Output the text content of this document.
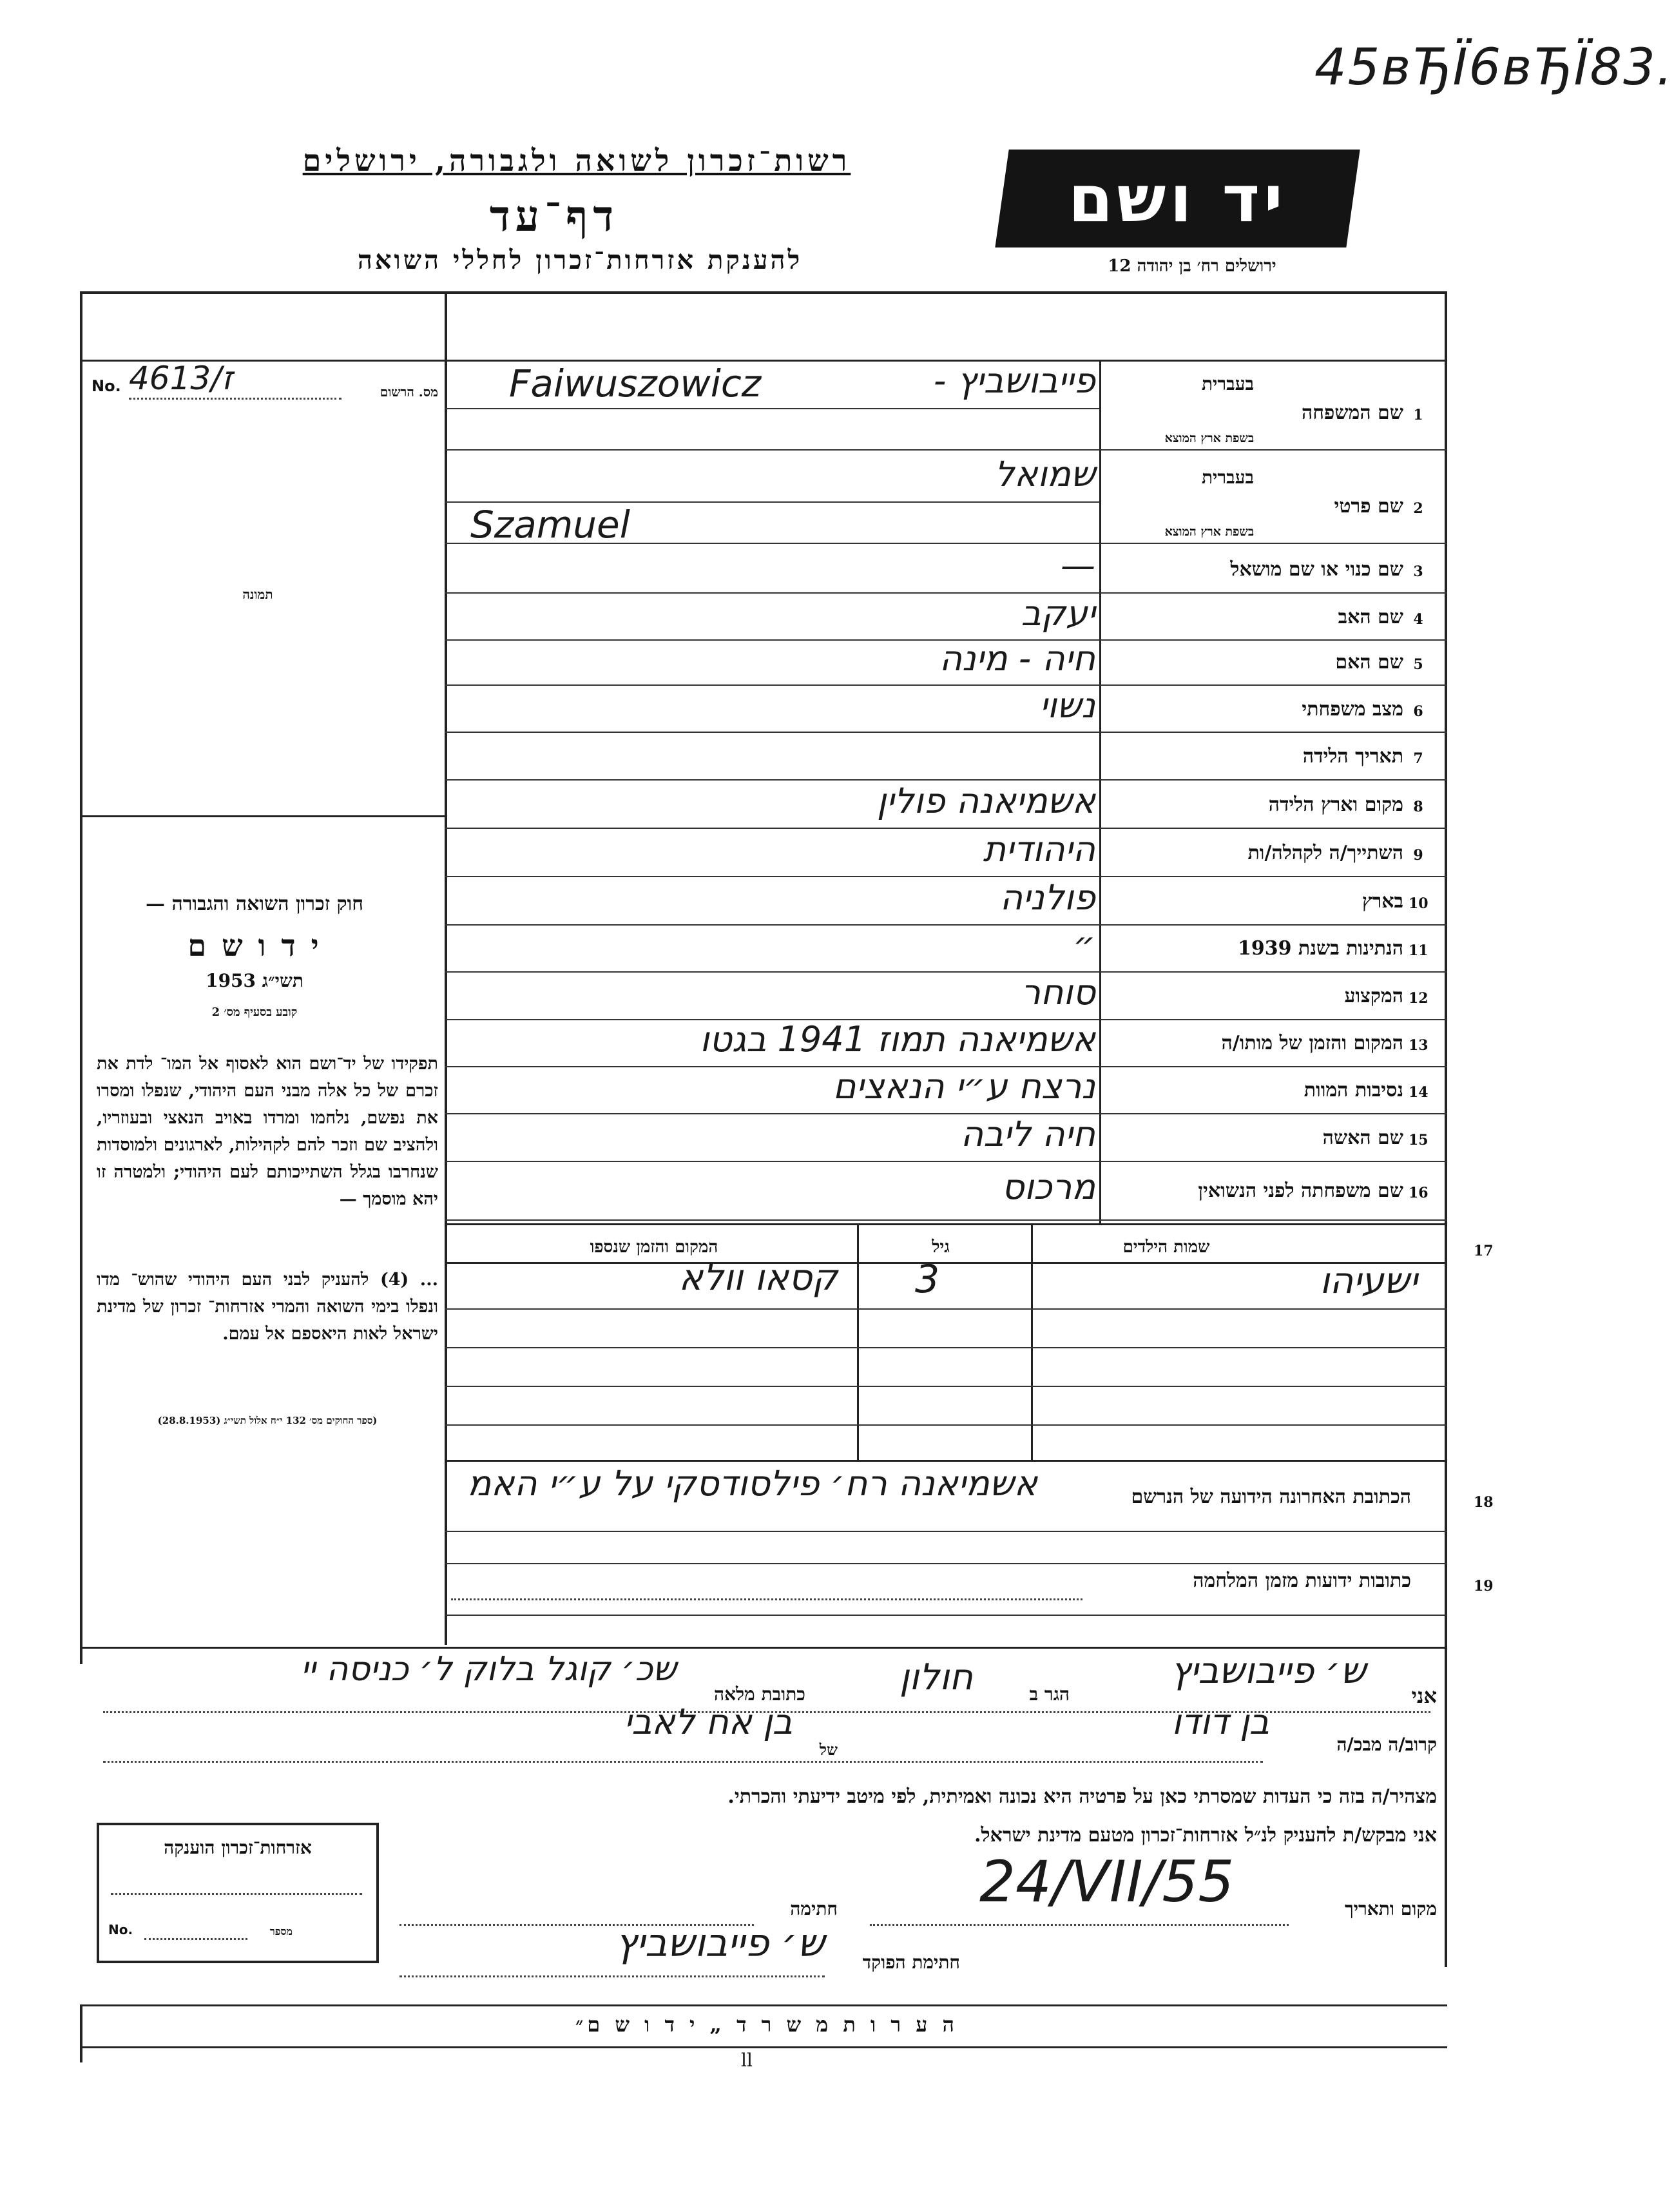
45вЂЇ6вЂЇ83.
רשות־זכרון לשואה ולגבורה, ירושלים
דף־עד
להענקת אזרחות־זכרון לחללי השואה
יד ושם
ירושלים רח׳ בן יהודה 12
No. 4613/ז	מס. הרשום
תמונה
חוק זכרון השואה והגבורה —
י ד ו ש ם
תשי״ג 1953
קובע בסעיף מס׳ 2
תפקידו של יד־ושם הוא לאסוף אל המו־ לדת את זכרם של כל אלה מבני העם היהודי, שנפלו ומסרו את נפשם, נלחמו ומרדו באויב הנאצי ובעוזריו, ולהציב שם וזכר להם לקהילות, לארגונים ולמוסדות שנחרבו בגלל השתייכותם לעם היהודי; ולמטרה זו יהא מוסמך —
... (4) להעניק לבני העם היהודי שהוש־ מדו ונפלו בימי השואה והמרי אזרחות־ זכרון של מדינת ישראל לאות היאספם אל עמם.
(ספר החוקים מס׳ 132 י״ח אלול תשי״ג (28.8.1953)
1
שם המשפחה
בעברית
בשפת ארץ המוצא
פייבושביץ -
Faiwuszowicz
2
שם פרטי
בעברית
בשפת ארץ המוצא
שמואל
Szamuel
3
שם כנוי או שם מושאל
—
4
שם האב
יעקב
5
שם האם
חיה - מינה
6
מצב משפחתי
נשוי
7
תאריך הלידה
8
מקום וארץ הלידה
אשמיאנה פולין
9
השתייך/ה לקהלה/ות
היהודית
10
בארץ
פולניה
11
הנתינות בשנת 1939
״
12
המקצוע
סוחר
13
המקום והזמן של מותו/ה
אשמיאנה תמוז 1941 בגטו
14
נסיבות המוות
נרצח ע״י הנאצים
15
שם האשה
חיה ליבה
16
שם משפחתה לפני הנשואין
מרכוס
17
שמות הילדים
גיל
המקום והזמן שנספו
ישעיהו
3
קסאו וולא
18
הכתובת האחרונה הידועה של הנרשם
אשמיאנה רח׳ פילסודסקי על ע״י האמ
19
כתובות ידועות מזמן המלחמה
אני
ש׳ פייבושביץ
הגר ב
חולון
כתובת מלאה
שכ׳ קוגל בלוק ל׳ כניסה יי
קרוב/ה מבכ/ה
בן דודו
של
בן אח לאבי
מצהיר/ה בזה כי העדות שמסרתי כאן על פרטיה היא נכונה ואמיתית, לפי מיטב ידיעתי והכרתי.
אני מבקש/ת להעניק לנ״ל אזרחות־זכרון מטעם מדינת ישראל.
מקום ותאריך
24/VII/55
חתימה
חתימת הפוקד
ש׳ פייבושביץ
אזרחות־זכרון הוענקה
No.	מספר
ה ע ר ו ת מ ש ר ד „ י ד ו ש ם״
ll
